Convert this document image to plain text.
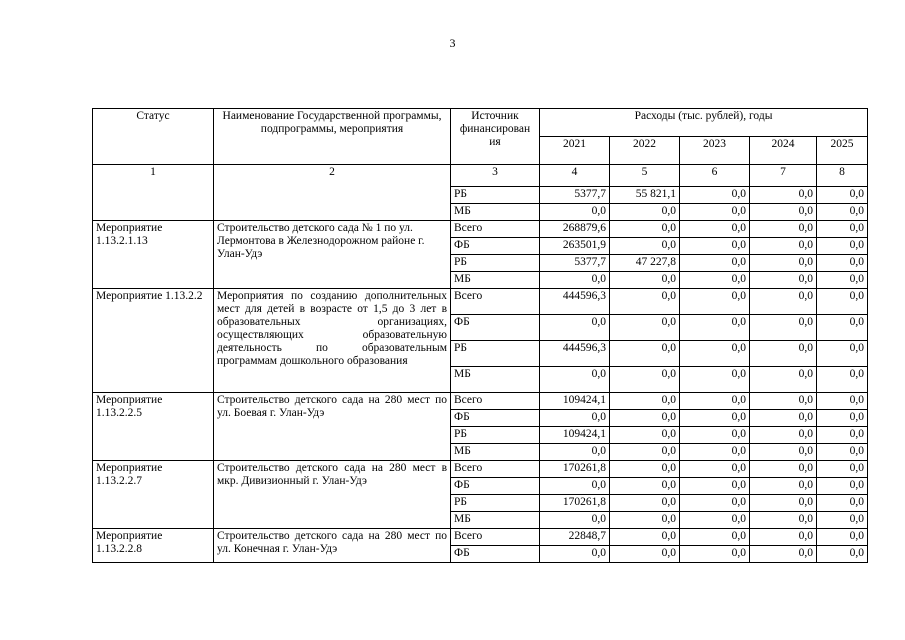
3
Статус	Наименование Государственной программы, подпрограммы, мероприятия	Источник финансирован ия	Расходы (тыс. рублей), годы				
			2021	2022	2023	2024	2025
1	2	3	4	5	6	7	8
		РБ	5377,7	55 821,1	0,0	0,0	0,0
		МБ	0,0	0,0	0,0	0,0	0,0
Мероприятие 1.13.2.1.13	Строительство детского сада № 1 по ул. Лермонтова в Железнодорожном районе г. Улан-Удэ	Всего	268879,6	0,0	0,0	0,0	0,0
		ФБ	263501,9	0,0	0,0	0,0	0,0
		РБ	5377,7	47 227,8	0,0	0,0	0,0
		МБ	0,0	0,0	0,0	0,0	0,0
Мероприятие 1.13.2.2	Мероприятия по созданию дополнительных мест для детей в возрасте от 1,5 до 3 лет в образовательных организациях, осуществляющих образовательную деятельность по образовательным программам дошкольного образования	Всего	444596,3	0,0	0,0	0,0	0,0
		ФБ	0,0	0,0	0,0	0,0	0,0
		РБ	444596,3	0,0	0,0	0,0	0,0
		МБ	0,0	0,0	0,0	0,0	0,0
Мероприятие 1.13.2.2.5	Строительство детского сада на 280 мест по ул. Боевая г. Улан-Удэ	Всего	109424,1	0,0	0,0	0,0	0,0
		ФБ	0,0	0,0	0,0	0,0	0,0
		РБ	109424,1	0,0	0,0	0,0	0,0
		МБ	0,0	0,0	0,0	0,0	0,0
Мероприятие 1.13.2.2.7	Строительство детского сада на 280 мест в мкр. Дивизионный г. Улан-Удэ	Всего	170261,8	0,0	0,0	0,0	0,0
		ФБ	0,0	0,0	0,0	0,0	0,0
		РБ	170261,8	0,0	0,0	0,0	0,0
		МБ	0,0	0,0	0,0	0,0	0,0
Мероприятие 1.13.2.2.8	Строительство детского сада на 280 мест по ул. Конечная г. Улан-Удэ	Всего	22848,7	0,0	0,0	0,0	0,0
		ФБ	0,0	0,0	0,0	0,0	0,0
